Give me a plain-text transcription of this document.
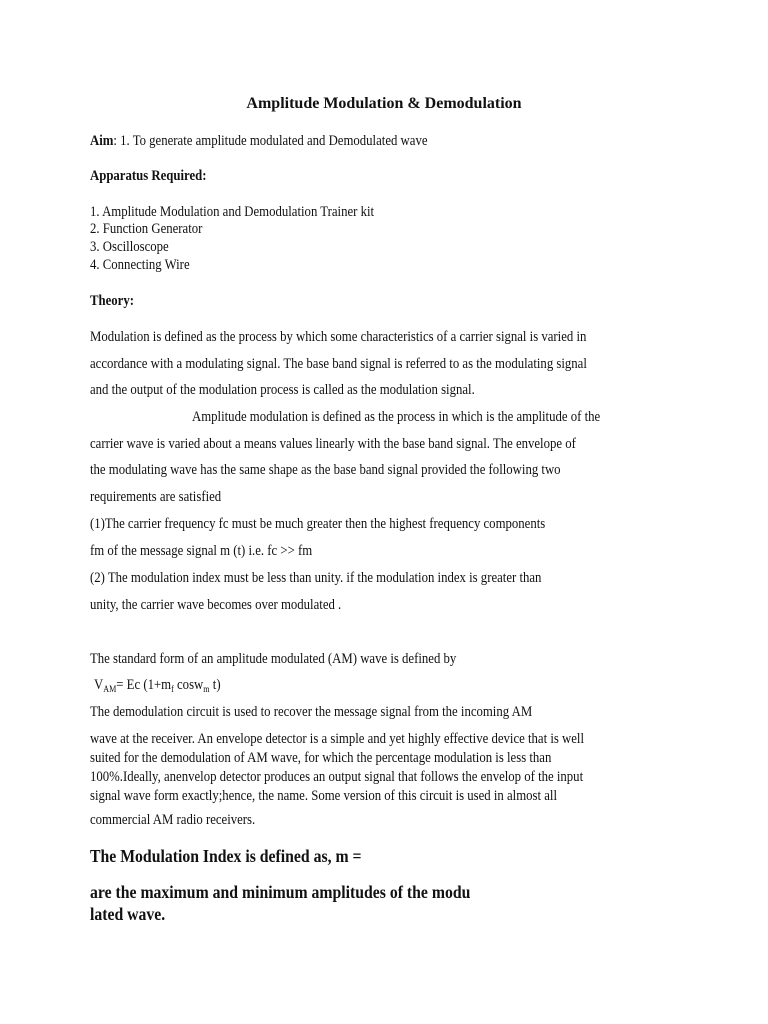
Amplitude Modulation & Demodulation
Aim: 1. To generate amplitude modulated and Demodulated wave
Apparatus Required:
1. Amplitude Modulation and Demodulation Trainer kit
2. Function Generator
3. Oscilloscope
4. Connecting Wire
Theory:
Modulation is defined as the process by which some characteristics of a carrier signal is varied in
accordance with a modulating signal. The base band signal is referred to as the modulating signal
and the output of the modulation process is called as the modulation signal.
Amplitude modulation is defined as the process in which is the amplitude of the
carrier wave is varied about a means values linearly with the base band signal. The envelope of
the modulating wave has the same shape as the base band signal provided the following two
requirements are satisfied
(1)The carrier frequency fc must be much greater then the highest frequency components
fm of the message signal m (t) i.e. fc >> fm
(2) The modulation index must be less than unity. if the modulation index is greater than
unity, the carrier wave becomes over modulated .
The standard form of an amplitude modulated (AM) wave is defined by
$V_{AM}= Ec$ ($1+m_f$ cosw$_m$ t)
The demodulation circuit is used to recover the message signal from the incoming AM
wave at the receiver. An envelope detector is a simple and yet highly effective device that is well
suited for the demodulation of AM wave, for which the percentage modulation is less than
100%.Ideally, anenvelop detector produces an output signal that follows the envelop of the input
signal wave form exactly;hence, the name. Some version of this circuit is used in almost all
commercial AM radio receivers.
The Modulation Index is defined as, m =
are the maximum and minimum amplitudes of the modu
lated wave.
